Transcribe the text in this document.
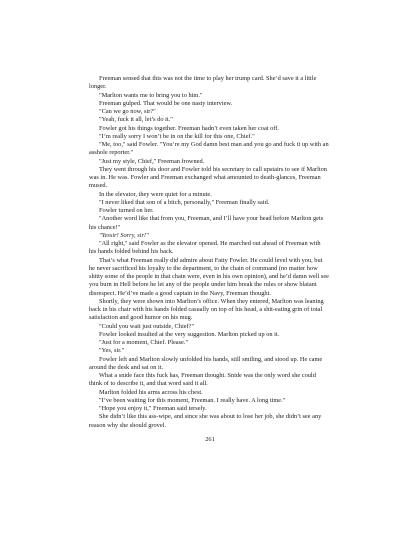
Freeman sensed that this was not the time to play her trump card. She’d save it a little longer.

"Marlton wants me to bring you to him."

Freeman gulped. That would be one nasty interview.

"Can we go now, sir?"

"Yeah, fuck it all, let’s do it."

Fowler got his things together. Freeman hadn’t even taken her coat off.

"I’m really sorry I won’t be in on the kill for this one, Chief."

"Me, too," said Fowler. "You’re my God damn best man and you go and fuck it up with an asshole reporter."

"Just my style, Chief," Freeman frowned.

They went through his door and Fowler told his secretary to call upstairs to see if Marlton was in. He was. Fowler and Freeman exchanged what amounted to death-glances, Freeman mused.

In the elevator, they were quiet for a minute.

"I never liked that son of a bitch, personally," Freeman finally said.

Fowler turned on her.

"Another word like that from you, Freeman, and I’ll have your head before Marlton gets his chance!"

"Yessir! Sorry, sir!"

"All right," said Fowler as the elevator opened. He marched out ahead of Freeman with his hands folded behind his back.

That’s what Freeman really did admire about Fatty Fowler. He could level with you, but he never sacrificed his loyalty to the department, to the chain of command (no matter how shitty some of the people in that chain were, even in his own opinion), and he’d damn well see you burn in Hell before he let any of the people under him break the rules or show blatant disrespect. He’d’ve made a good captain in the Navy, Freeman thought.

Shortly, they were shown into Marlton’s office. When they entered, Marlton was leaning back in his chair with his hands folded casually on top of his head, a shit-eating grin of total satisfaction and good humor on his mug.

"Could you wait just outside, Chief?"

Fowler looked insulted at the very suggestion. Marlton picked up on it.

"Just for a moment, Chief. Please."

"Yes, sir."

Fowler left and Marlton slowly unfolded his hands, still smiling, and stood up. He came around the desk and sat on it.

What a snide face this fuck has, Freeman thought. Snide was the only word she could think of to describe it, and that word said it all.

Marlton folded his arms across his chest.

"I’ve been waiting for this moment, Freeman. I really have. A long time."

"Hope you enjoy it," Freeman said tersely.

She didn’t like this ass-wipe, and since she was about to lose her job, she didn’t see any reason why she should grovel.

261
